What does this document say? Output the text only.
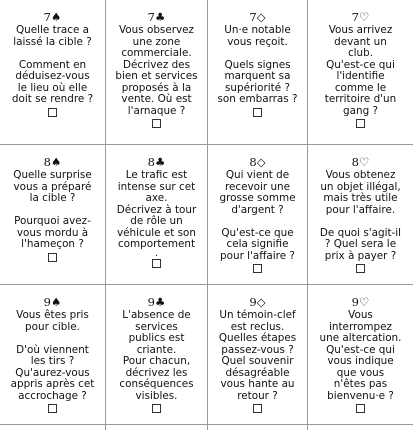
7♠
Quelle trace a
laissé la cible ?

Comment en
déduisez-vous
le lieu où elle
doit se rendre ?
7♣
Vous observez
une zone
commerciale.
Décrivez des
bien et services
proposés à la
vente. Où est
l'arnaque ?
7◇
Un·e notable
vous reçoit.

Quels signes
marquent sa
supériorité ?
son embarras ?
7♡
Vous arrivez
devant un
club.
Qu'est-ce qui
l'identifie
comme le
territoire d'un
gang ?
8♠
Quelle surprise
vous a préparé
la cible ?

Pourquoi avez-
vous mordu à
l'hameçon ?
8♣
Le trafic est
intense sur cet
axe.
Décrivez à tour
de rôle un
véhicule et son
comportement
.
8◇
Qui vient de
recevoir une
grosse somme
d'argent ?

Qu'est-ce que
cela signifie
pour l'affaire ?
8♡
Vous obtenez
un objet illégal,
mais très utile
pour l'affaire.

De quoi s'agit-il
? Quel sera le
prix à payer ?
9♠
Vous êtes pris
pour cible.

D'où viennent
les tirs ?
Qu'aurez-vous
appris après cet
accrochage ?
9♣
L'absence de
services
publics est
criante.
Pour chacun,
décrivez les
conséquences
visibles.
9◇
Un témoin-clef
est reclus.
Quelles étapes
passez-vous ?
Quel souvenir
désagréable
vous hante au
retour ?
9♡
Vous
interrompez
une altercation.
Qu'est-ce qui
vous indique
que vous
n'êtes pas
bienvenu·e ?
